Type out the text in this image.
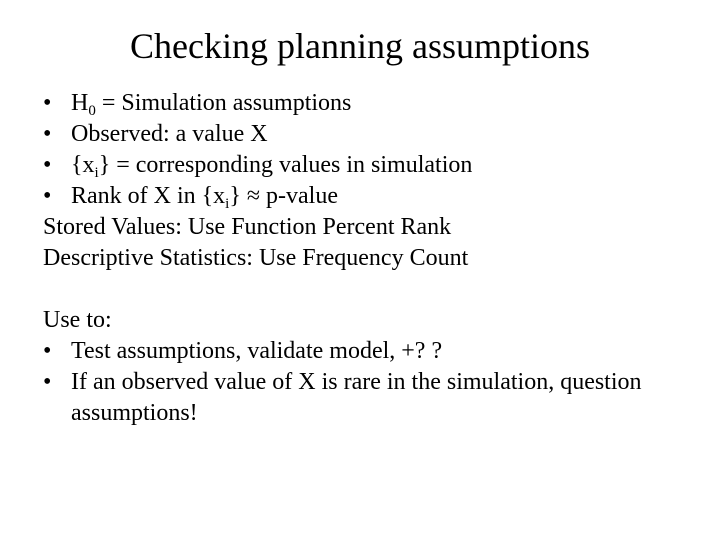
Checking planning assumptions
• $H_0$ = Simulation assumptions
• Observed: a value X
• $\{x_i\}$ = corresponding values in simulation
• Rank of X in $\{x_i\}$ ≈ p-value
Stored Values: Use Function Percent Rank
Descriptive Statistics: Use Frequency Count
Use to:
• Test assumptions, validate model, +? ?
• If an observed value of X is rare in the simulation, question assumptions!
